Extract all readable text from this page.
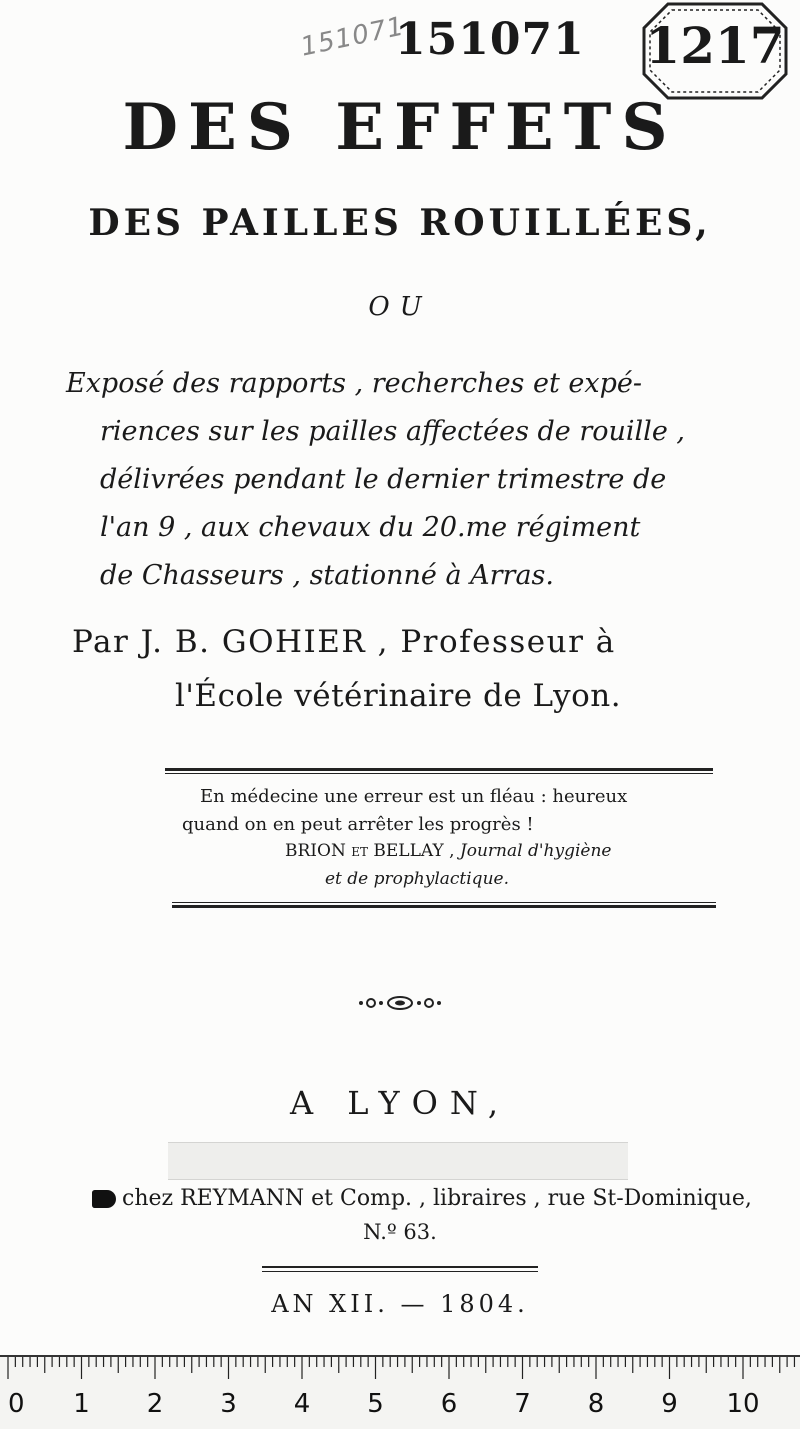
151071
151071 1217
DES EFFETS
DES PAILLES ROUILLÉES,
OU
Exposé des rapports , recherches et expé-
riences sur les pailles affectées de rouille ,
délivrées pendant le dernier trimestre de
l'an 9 , aux chevaux du 20.me régiment
de Chasseurs , stationné à Arras.
Par J. B. GOHIER , Professeur à
l'École vétérinaire de Lyon.
En médecine une erreur est un fléau : heureux
quand on en peut arrêter les progrès !
BRION et BELLAY , Journal d'hygiène
et de prophylactique.
A LYON,
chez REYMANN et Comp. , libraires , rue St-Dominique,
N.º 63.
AN XII. — 1804.
0 1 2 3 4 5 6 7 8 9 10
